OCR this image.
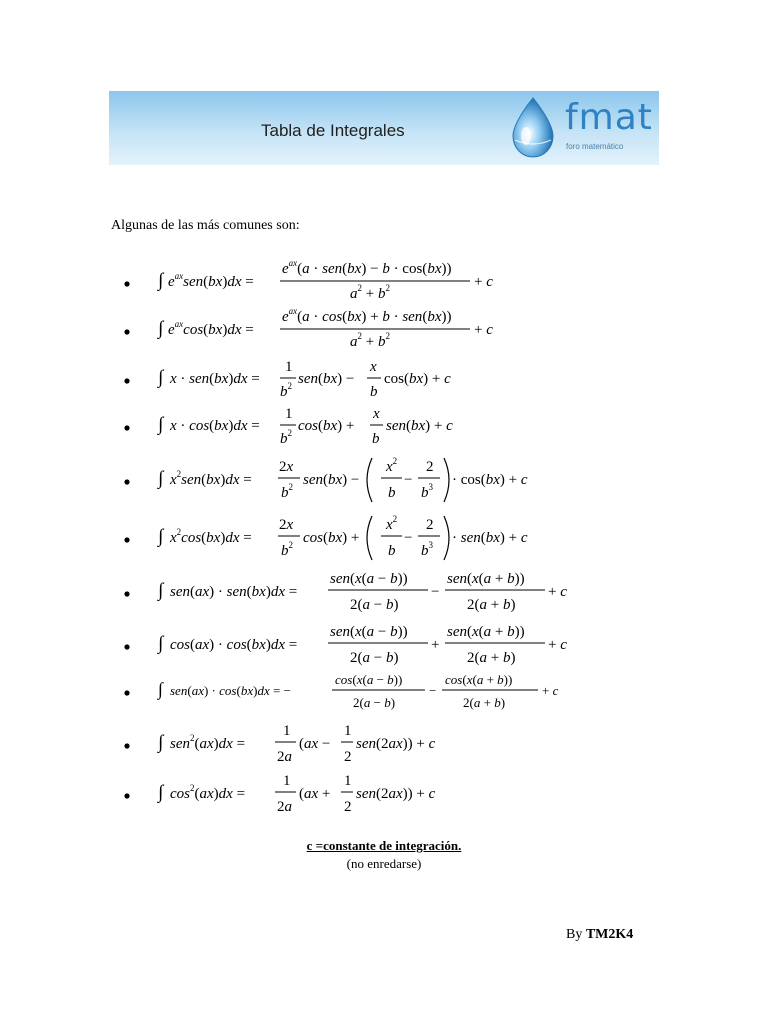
Tabla de Integrales	fmat
foro matemático
Algunas de las más comunes son:
∫ $e^{ax}sen(bx)dx$ =
$e^{ax}(a \cdot sen(bx) - b \cdot \cos(bx))$
$a^2 + b^2$	+ c
∫ $e^{ax}\cos(bx)dx$ =
$e^{ax}(a \cdot \cos(bx) + b \cdot sen(bx))$
$a^2 + b^2$	+ c
∫ x · sen(bx)dx =
1
$b^2$ sen(bx) −
x
b
cos(bx) + c
∫ x · cos(bx)dx =
1
$b^2$ cos(bx) +
x
b
sen(bx) + c
∫ $x^2sen(bx)dx$ =
2x
$b^2$ sen(bx) −
$x^2$
b
−
2
$b^3 \cdot \cos(bx) + c$
∫ $x^2\cos(bx)dx$ =
2x
$b^2$ cos(bx) +
$x^2$
b
−
2
$b^3 \cdot sen(bx) + c$
∫ sen(ax) · sen(bx)dx =
sen(x(a − b))
2(a − b)
−
sen(x(a + b))
2(a + b)
+ c
∫ cos(ax) · cos(bx)dx =
sen(x(a − b))
2(a − b)
+
sen(x(a + b))
2(a + b)
+ c
∫ sen(ax) · cos(bx)dx = −
cos(x(a − b))
2(a − b)
−
cos(x(a + b))
2(a + b)
+ c
∫ sen$^2$(ax)dx =
1
2a
(ax −
1
2
sen(2ax)) + c
∫ $\cos^2(ax)dx$ =
1
2a
(ax +
1
2
sen(2ax)) + c
c =constante de integración.
(no enredarse)
By TM2K4
